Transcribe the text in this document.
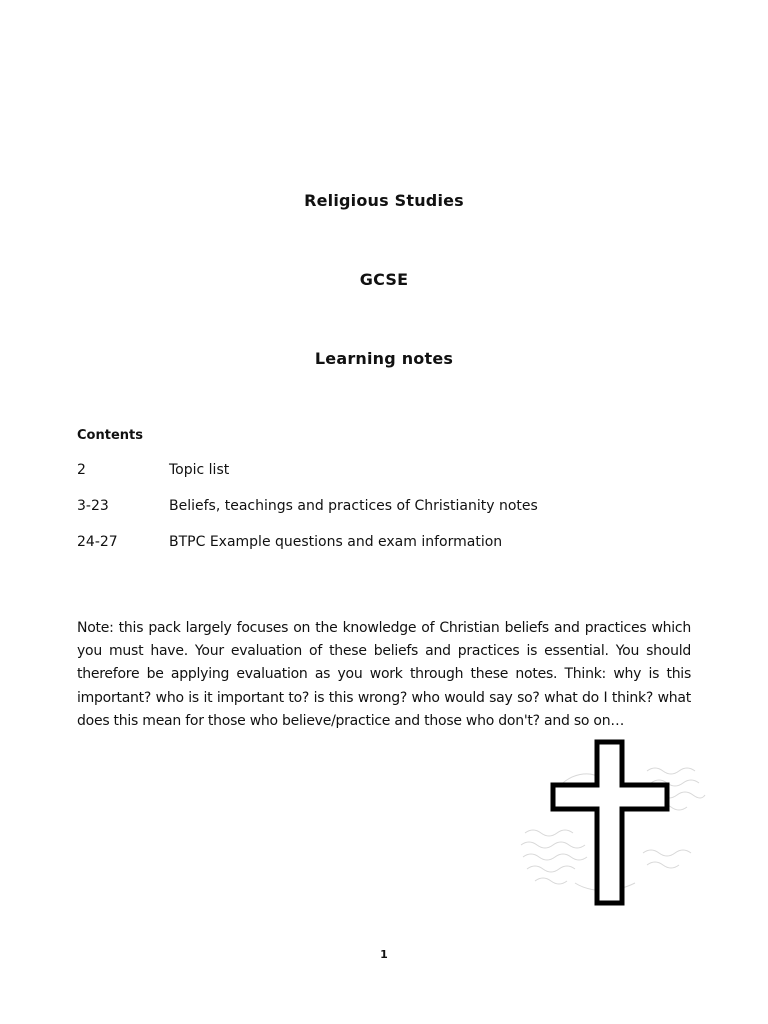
Religious Studies
GCSE
Learning notes
Contents
2	Topic list
3-23	Beliefs, teachings and practices of Christianity notes
24-27	BTPC Example questions and exam information

Note: this pack largely focuses on the knowledge of Christian beliefs and practices which you must have. Your evaluation of these beliefs and practices is essential. You should therefore be applying evaluation as you work through these notes. Think: why is this important? who is it important to? is this wrong? who would say so? what do I think? what does this mean for those who believe/practice and those who don't? and so on…

1
